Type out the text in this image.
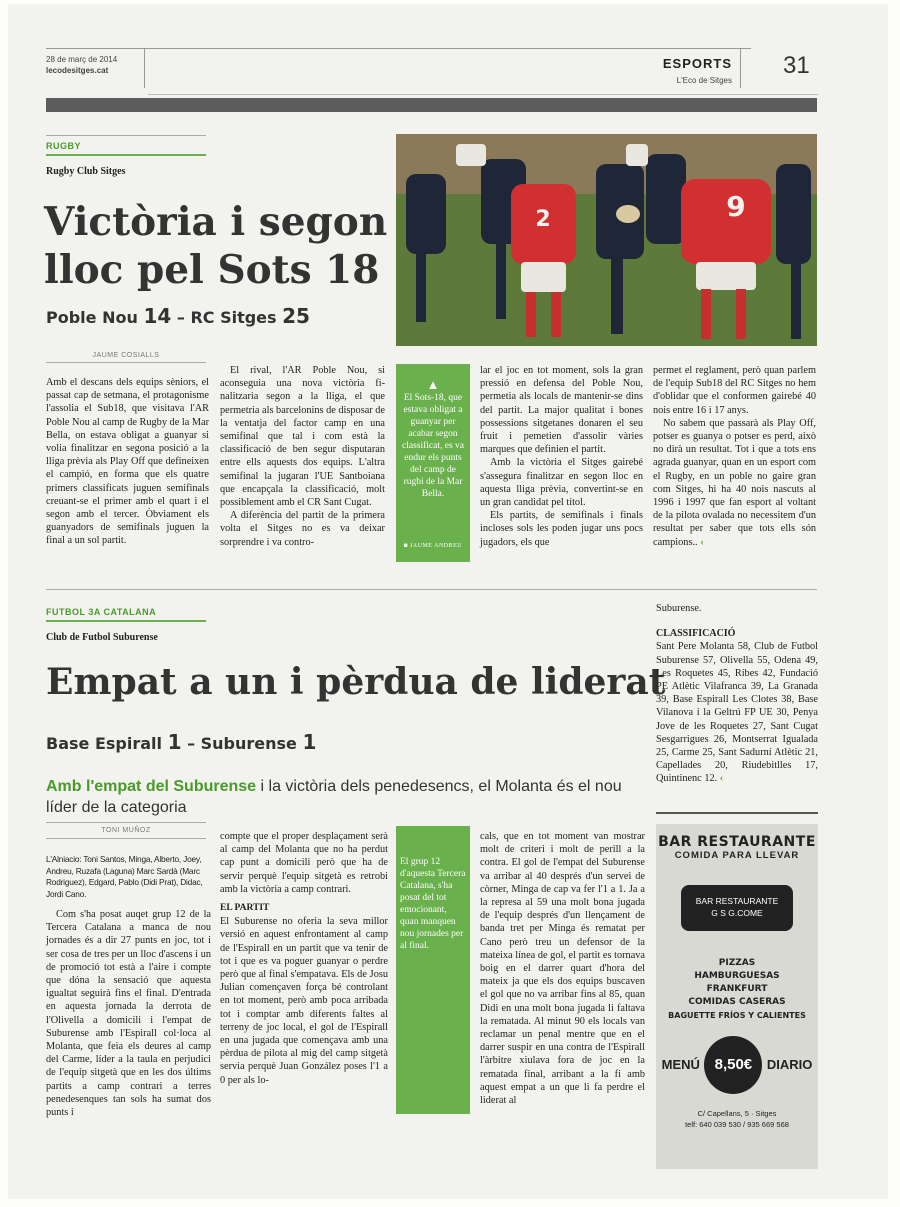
28 de març de 2014
lecodesitges.cat	ESPORTS
L'Eco de Sitges
31
RUGBY
Rugby Club Sitges
Victòria i segon
lloc pel Sots 18
Poble Nou 14 – RC Sitges 25
JAUME COSIALLS
2	9

Amb el descans dels equips sèniors, el passat cap de setmana, el protagonisme l'assolia el Sub18, que visitava l'AR Poble Nou al camp de Rugby de la Mar Bella, on estava obligat a guanyar si volia finalitzar en segona posició a la lliga prèvia als Play Off que defineixen el campió, en forma que els quatre primers classificats juguen semifinals creuant-se el primer amb el quart i el segon amb el tercer. Òbviament els guanyadors de semifinals juguen la final a un sol partit.

El rival, l'AR Poble Nou, si aconseguia una nova victòria finalitzaria segon a la lliga, el que permetria als barcelonins de disposar de la ventatja del factor camp en una semifinal que tal i com està la classificació de ben segur disputaran entre ells aquests dos equips. L'altra semifinal la jugaran l'UE Santboiana que encapçala la classificació, molt possiblement amb el CR Sant Cugat.

A diferència del partit de la primera volta el Sitges no es va deixar sorprendre i va contro-

▲
El Sots-18, que estava obligat a guanyar per acabar segon classificat, es va endur els punts del camp de rugbi de la Mar Bella.
◙ JAUME ANDREU

lar el joc en tot moment, sols la gran pressió en defensa del Poble Nou, permetia als locals de mantenir-se dins del partit. La major qualitat i bones possessions sitgetanes donaren el seu fruit i pemetien d'assolir vàries marques que definien el partit.

Amb la victòria el Sitges gairebé s'assegura finalitzar en segon lloc en aquesta lliga prèvia, convertint-se en un gran candidat pel títol.

Els partits, de semifinals i finals incloses sols les poden jugar uns pocs jugadors, els que

permet el reglament, però quan parlem de l'equip Sub18 del RC Sitges no hem d'oblidar que el conformen gairebé 40 nois entre 16 i 17 anys.

No sabem que passarà als Play Off, potser es guanya o potser es perd, això no dirà un resultat. Tot i que a tots ens agrada guanyar, quan en un esport com el Rugby, en un poble no gaire gran com Sitges, hi ha 40 nois nascuts al 1996 i 1997 que fan esport al voltant de la pilota ovalada no necessitem d'un resultat per saber que tots ells són campions.. ‹

FUTBOL 3A CATALANA
Club de Futbol Suburense
Empat a un i pèrdua de liderat
Base Espirall 1 – Suburense 1
Amb l'empat del Suburense i la victòria dels penedesencs, el Molanta és el nou líder de la categoria
TONI MUÑOZ
L'Alniacio: Toni Santos, Minga, Alberto, Joey, Andreu, Ruzafa (Laguna) Marc Sardà (Marc Rodriguez), Edgard, Pablo (Didi Prat), Didac, Jordi Cano.

Com s'ha posat auqet grup 12 de la Tercera Catalana a manca de nou jornades és a dir 27 punts en joc, tot i ser cosa de tres per un lloc d'ascens i un de promoció tot està a l'aire i compte que dóna la sensació que aquesta igualtat seguirà fins el final. D'entrada en aquesta jornada la derrota de l'Olivella a domicili i l'empat de Suburense amb l'Espirall col·loca al Molanta, que feia els deures al camp del Carme, líder a la taula en perjudici de l'equip sitgetà que en les dos últims partits a camp contrari a terres penedesenques tan sols ha sumat dos punts i

compte que el proper desplaçament serà al camp del Molanta que no ha perdut cap punt a domicili però que ha de servir perquè l'equip sitgetà es retrobi amb la victòria a camp contrari.

EL PARTIT

El Suburense no oferia la seva millor versió en aquest enfrontament al camp de l'Espirall en un partit que va tenir de tot i que es va poguer guanyar o perdre però que al final s'empatava. Els de Josu Julian començaven força bé controlant en tot moment, però amb poca arribada tot i comptar amb diferents faltes al terreny de joc local, el gol de l'Espirall en una jugada que començava amb una pèrdua de pilota al mig del camp sitgetà servia perquè Juan González poses l'1 a 0 per als lo-

El grup 12 d'aquesta Tercera Catalana, s'ha posat del tot emocionant, quan manquen nou jornades per al final.

cals, que en tot moment van mostrar molt de criteri i molt de perill a la contra. El gol de l'empat del Suburense va arribar al 40 després d'un servei de còrner, Minga de cap va fer l'1 a 1. Ja a la represa al 59 una molt bona jugada de l'equip després d'un llençament de banda tret per Minga és rematat per Cano però treu un defensor de la mateixa línea de gol, el partit es tornava boig en el darrer quart d'hora del mateix ja que els dos equips buscaven el gol que no va arribar fins al 85, quan Didi en una molt bona jugada li faltava la rematada. Al minut 90 els locals van reclamar un penal mentre que en el darrer suspir en una contra de l'Espirall l'àrbitre xiulava fora de joc en la rematada final, arribant a la fi amb aquest empat a un que li fa perdre el liderat al

Suburense.

CLASSIFICACIÓ

Sant Pere Molanta 58, Club de Futbol Suburense 57, Olivella 55, Odena 49, Les Roquetes 45, Ribes 42, Fundació PE Atlètic Vilafranca 39, La Granada 39, Base Espirall Les Clotes 38, Base Vilanova i la Geltrú FP UE 30, Penya Jove de les Roquetes 27, Sant Cugat Sesgarrigues 26, Montserrat Igualada 25, Carme 25, Sant Sadurní Atlètic 21, Capellades 20, Riudebitlles 17, Quintinenc 12. ‹

BAR RESTAURANTE
COMIDA PARA LLEVAR
BAR RESTAURANTE
G S G.COME
PIZZAS
HAMBURGUESAS
FRANKFURT
COMIDAS CASERAS
BAGUETTE FRÍOS Y CALIENTES
MENÚ 8,50€ DIARIO
C/ Capellans, 5 · Sitges
telf: 640 039 530 / 935 669 568
